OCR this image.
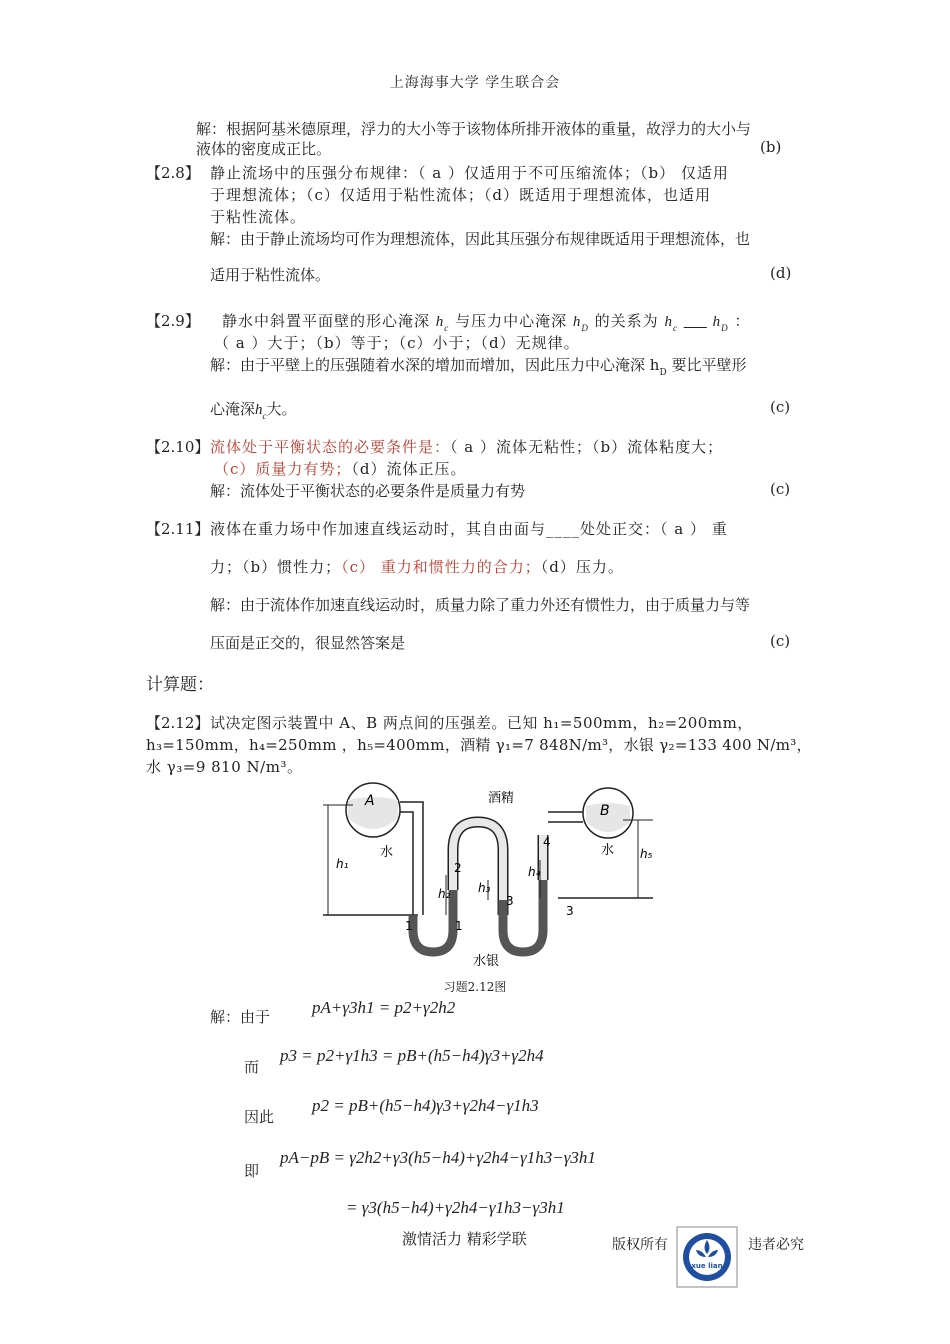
上海海事大学 学生联合会
解：根据阿基米德原理，浮力的大小等于该物体所排开液体的重量，故浮力的大小与
液体的密度成正比。	(b)
【2.8】 静止流场中的压强分布规律：（ a ）仅适用于不可压缩流体；（b） 仅适用
于理想流体；（c）仅适用于粘性流体；（d）既适用于理想流体，也适用
于粘性流体。
解：由于静止流场均可作为理想流体，因此其压强分布规律既适用于理想流体，也
适用于粘性流体。	(d)
【2.9】 静水中斜置平面壁的形心淹深 $h_c$ 与压力中心淹深 $h_D$ 的关系为 $h_c$ $h_D$ ：
（ a ）大于；（b）等于；（c）小于；（d）无规律。
解：由于平壁上的压强随着水深的增加而增加，因此压力中心淹深 $h_D$ 要比平壁形
心淹深$h_c$大。	(c)
【2.10】 流体处于平衡状态的必要条件是：（ a ）流体无粘性；（b）流体粘度大；
（c）质量力有势；（d）流体正压。
解：流体处于平衡状态的必要条件是质量力有势	(c)
【2.11】 液体在重力场中作加速直线运动时，其自由面与____处处正交：（ a ） 重
力；（b）惯性力；（c） 重力和惯性力的合力；（d）压力。
解：由于流体作加速直线运动时，质量力除了重力外还有惯性力，由于质量力与等
压面是正交的，很显然答案是	(c)
计算题：
【2.12】 试决定图示装置中 A、B 两点间的压强差。已知 h₁=500mm，h₂=200mm，
h₃=150mm，h₄=250mm ，h₅=400mm，酒精 γ₁=7 848N/m³，水银 γ₂=133 400 N/m³，
水 γ₃=9 810 N/m³。
A
B
酒精
水	水
水银
h₁
h₂ h₃
h₄
h₅
1	1
2
3
3
4
习题2.12图
解：由于 pA+γ3h1 = p2+γ2h2
而
p3 = p2+γ1h3 = pB+(h5−h4)γ3+γ2h4
因此
p2 = pB+(h5−h4)γ3+γ2h4−γ1h3
即
pA−pB = γ2h2+γ3(h5−h4)+γ2h4−γ1h3−γ3h1
= γ3(h5−h4)+γ2h4−γ1h3−γ3h1
激情活力 精彩学联	版权所有	违者必究
xue lian
